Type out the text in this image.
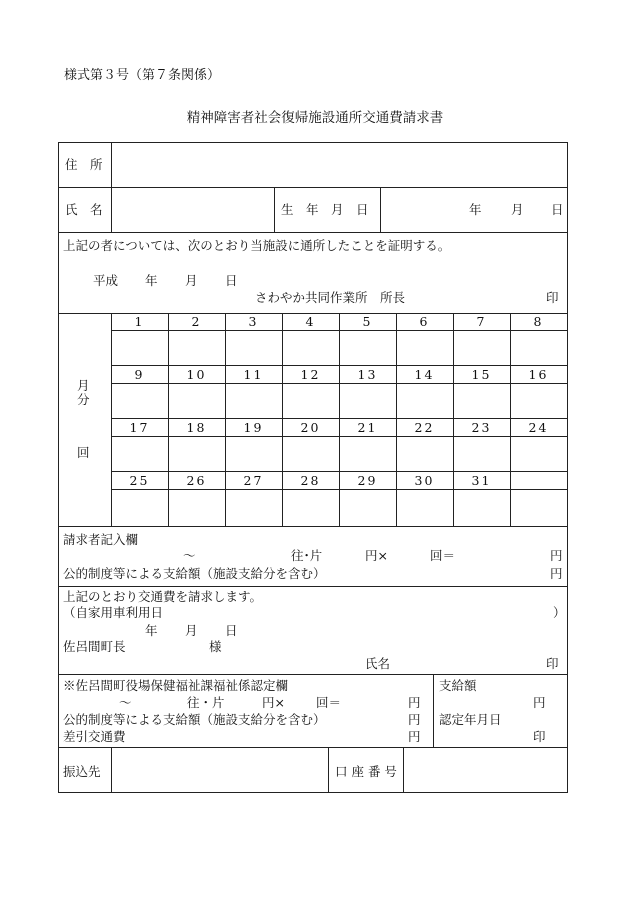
様式第３号（第７条関係）
精神障害者社会復帰施設通所交通費請求書
住　所
氏　名	生　年　月　日	年 月 日
上記の者については、次のとおり当施設に通所したことを証明する。
平成 年 月 日
さわやか共同作業所　所長	印
月
分
回
1	2	3	4	5	6	7	8
9	10	11	12	13	14	15	16
17	18	19	20	21	22	23	24
25	26	27	28	29	30	31
請求者記入欄
～	往･片	円×	回＝	円
公的制度等による支給額（施設支給分を含む）	円
上記のとおり交通費を請求します。
（自家用車利用日	）
年 月 日
佐呂間町長	様
氏名	印
※佐呂間町役場保健福祉課福祉係認定欄
～	往・片	円× 回＝	円
公的制度等による支給額（施設支給分を含む）	円
差引交通費	円
支給額
円
認定年月日
印
振込先	口 座 番 号
